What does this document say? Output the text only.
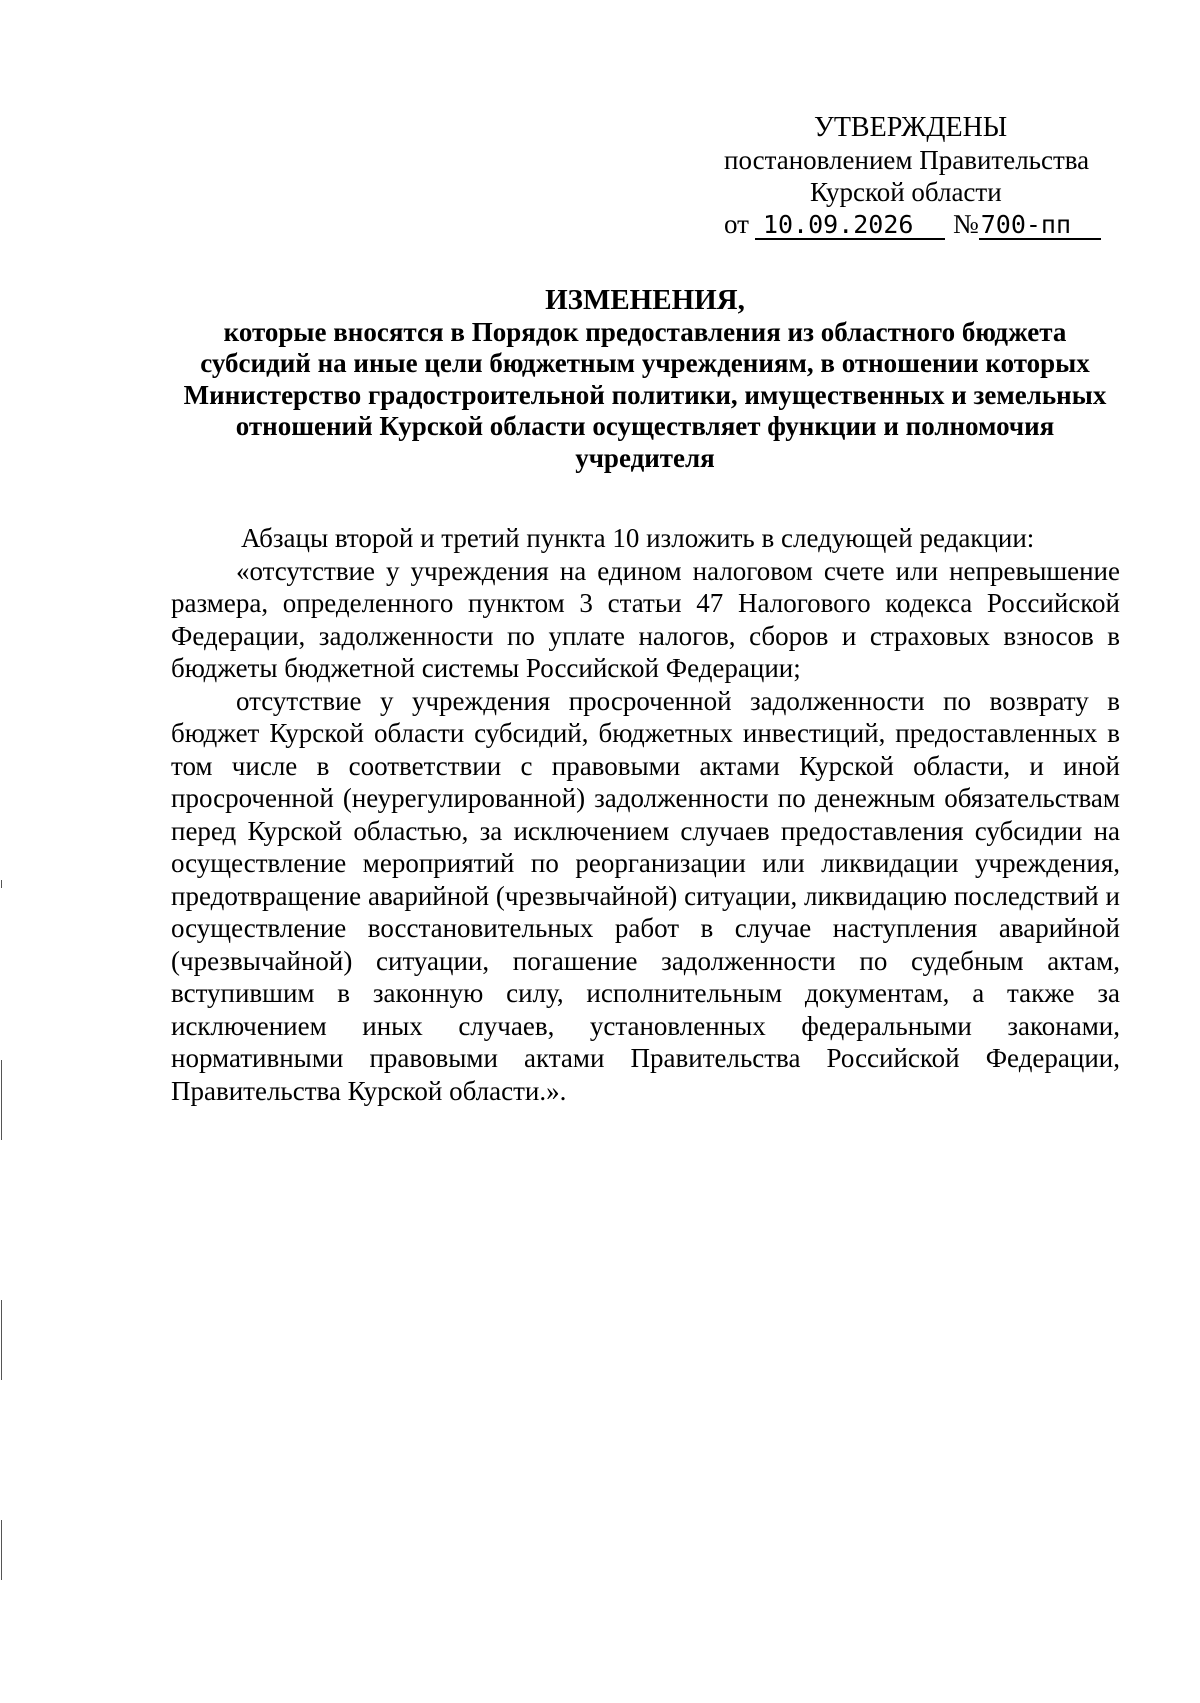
УТВЕРЖДЕНЫ
постановлением Правительства
Курской области
от 10.09.2026	№ 700-пп
ИЗМЕНЕНИЯ,
которые вносятся в Порядок предоставления из областного бюджета субсидий на иные цели бюджетным учреждениям, в отношении которых Министерство градостроительной политики, имущественных и земельных отношений Курской области осуществляет функции и полномочия учредителя

Абзацы второй и третий пункта 10 изложить в следующей редакции:

«отсутствие у учреждения на едином налоговом счете или непревышение размера, определенного пунктом 3 статьи 47 Налогового кодекса Российской Федерации, задолженности по уплате налогов, сборов и страховых взносов в бюджеты бюджетной системы Российской Федерации;

отсутствие у учреждения просроченной задолженности по возврату в бюджет Курской области субсидий, бюджетных инвестиций, предоставленных в том числе в соответствии с правовыми актами Курской области, и иной просроченной (неурегулированной) задолженности по денежным обязательствам перед Курской областью, за исключением случаев предоставления субсидии на осуществление мероприятий по реорганизации или ликвидации учреждения, предотвращение аварийной (чрезвычайной) ситуации, ликвидацию последствий и осуществление восстановительных работ в случае наступления аварийной (чрезвычайной) ситуации, погашение задолженности по судебным актам, вступившим в законную силу, исполнительным документам, а также за исключением иных случаев, установленных федеральными законами, нормативными правовыми актами Правительства Российской Федерации, Правительства Курской области.».
